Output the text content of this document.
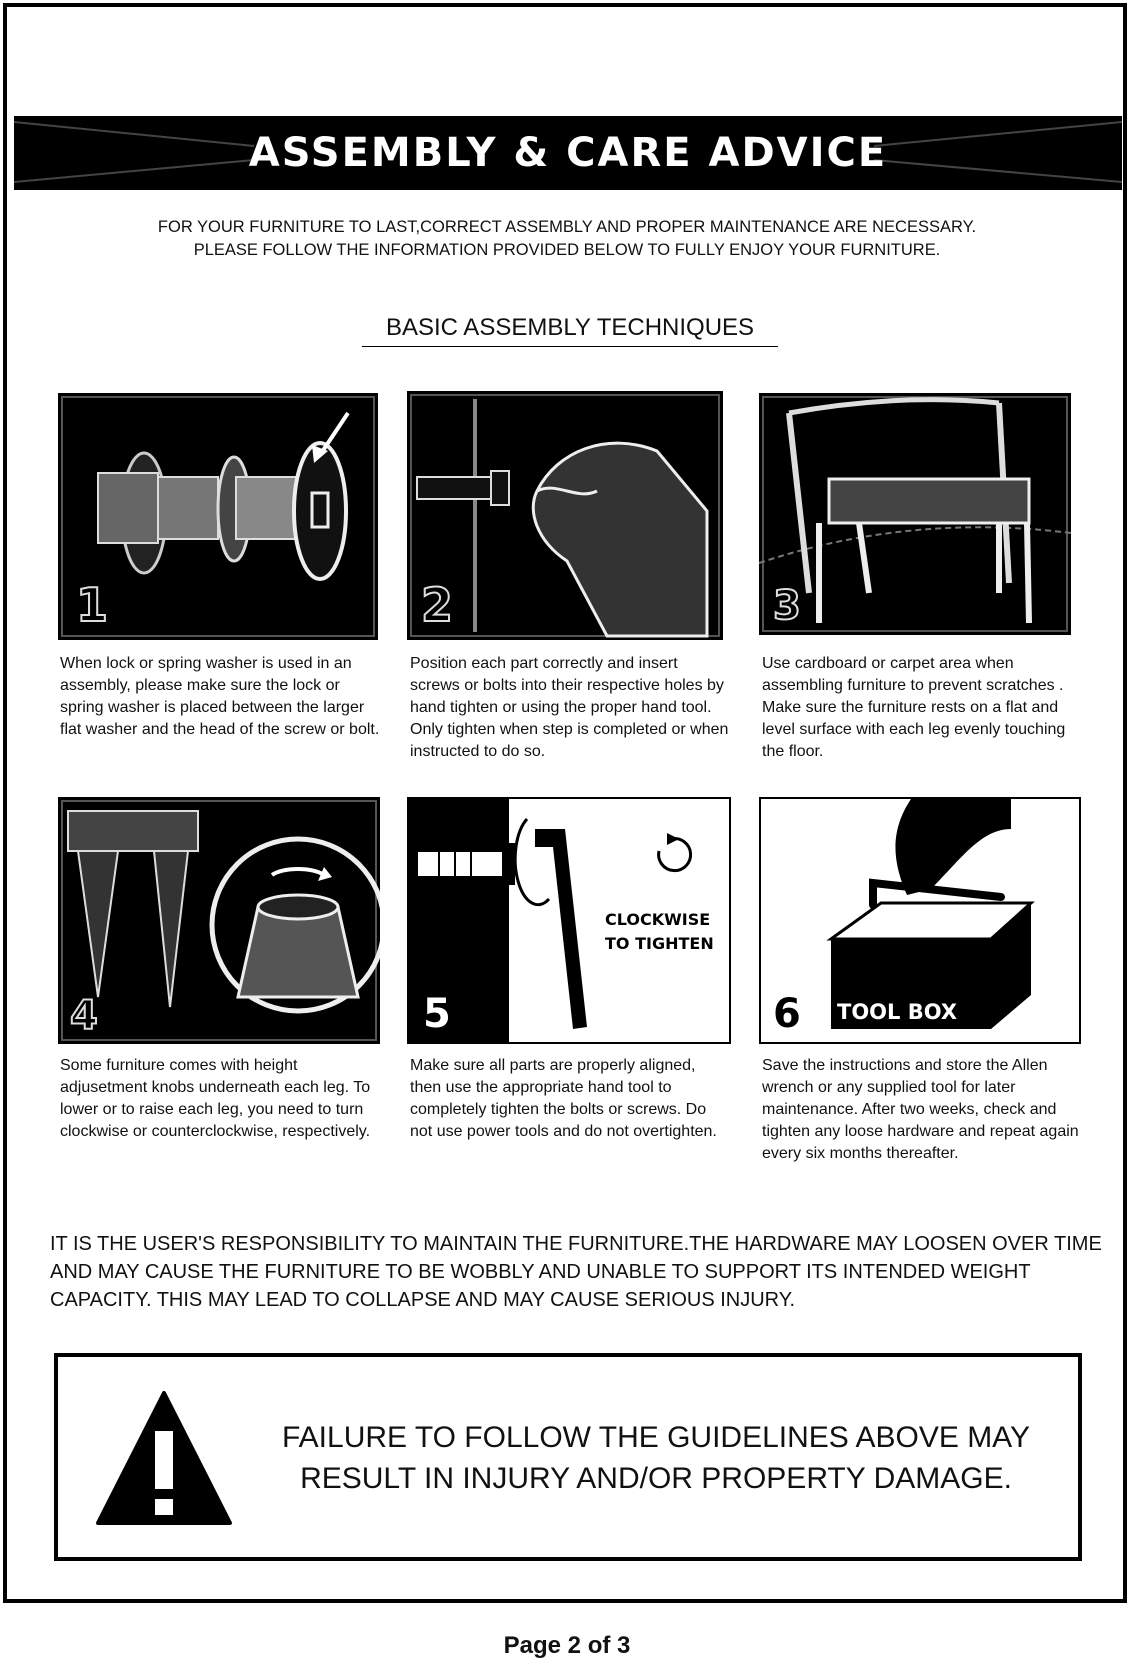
ASSEMBLY & CARE ADVICE
FOR YOUR FURNITURE TO LAST,CORRECT ASSEMBLY AND PROPER MAINTENANCE ARE NECESSARY.
PLEASE FOLLOW THE INFORMATION PROVIDED BELOW TO FULLY ENJOY YOUR FURNITURE.
BASIC ASSEMBLY TECHNIQUES
1
When lock or spring washer is used in an assembly, please make sure the lock or spring washer is placed between the larger flat washer and the head of the screw or bolt.
2
Position each part correctly and insert screws or bolts into their respective holes by hand tighten or using the proper hand tool. Only tighten when step is completed or when instructed to do so.
3
Use cardboard or carpet area when assembling furniture to prevent scratches . Make sure the furniture rests on a flat and level surface with each leg evenly touching the floor.
4
Some furniture comes with height adjusetment knobs underneath each leg. To lower or to raise each leg, you need to turn clockwise or counterclockwise, respectively.
CLOCKWISE
TO TIGHTEN
5
Make sure all parts are properly aligned, then use the appropriate hand tool to completely tighten the bolts or screws. Do not use power tools and do not overtighten.
TOOL BOX
6
Save the instructions and store the Allen wrench or any supplied tool for later maintenance. After two weeks, check and tighten any loose hardware and repeat again every six months thereafter.
IT IS THE USER'S RESPONSIBILITY TO MAINTAIN THE FURNITURE.THE HARDWARE MAY LOOSEN OVER TIME AND MAY CAUSE THE FURNITURE TO BE WOBBLY AND UNABLE TO SUPPORT ITS INTENDED WEIGHT CAPACITY. THIS MAY LEAD TO COLLAPSE AND MAY CAUSE SERIOUS INJURY.
FAILURE TO FOLLOW THE GUIDELINES ABOVE MAY
RESULT IN INJURY AND/OR PROPERTY DAMAGE.
Page 2 of 3
